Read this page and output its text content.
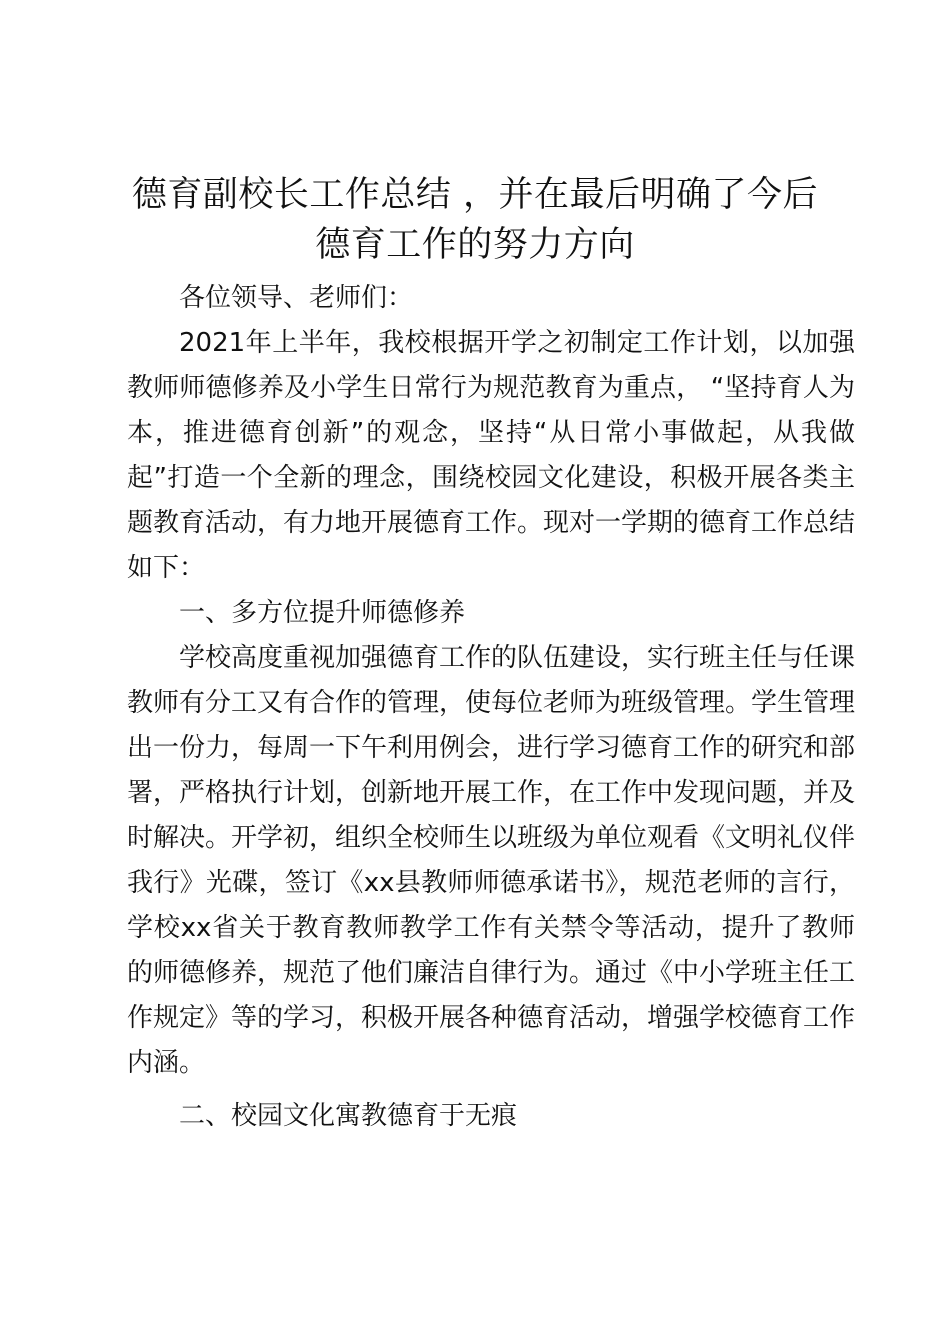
德育副校长工作总结 ，并在最后明确了今后
德育工作的努力方向

各位领导、老师们：

2021年上半年，我校根据开学之初制定工作计划，以加强教师师德修养及小学生日常行为规范教育为重点， “坚持育人为本，推进德育创新”的观念，坚持“从日常小事做起，从我做起”打造一个全新的理念，围绕校园文化建设，积极开展各类主题教育活动，有力地开展德育工作。现对一学期的德育工作总结如下：

一、多方位提升师德修养

学校高度重视加强德育工作的队伍建设，实行班主任与任课教师有分工又有合作的管理，使每位老师为班级管理。学生管理出一份力，每周一下午利用例会，进行学习德育工作的研究和部署，严格执行计划，创新地开展工作，在工作中发现问题，并及时解决。开学初，组织全校师生以班级为单位观看《文明礼仪伴我行》光碟，签订《xx县教师师德承诺书》，规范老师的言行，学校xx省关于教育教师教学工作有关禁令等活动，提升了教师的师德修养，规范了他们廉洁自律行为。通过《中小学班主任工作规定》等的学习，积极开展各种德育活动，增强学校德育工作内涵。

二、校园文化寓教德育于无痕
